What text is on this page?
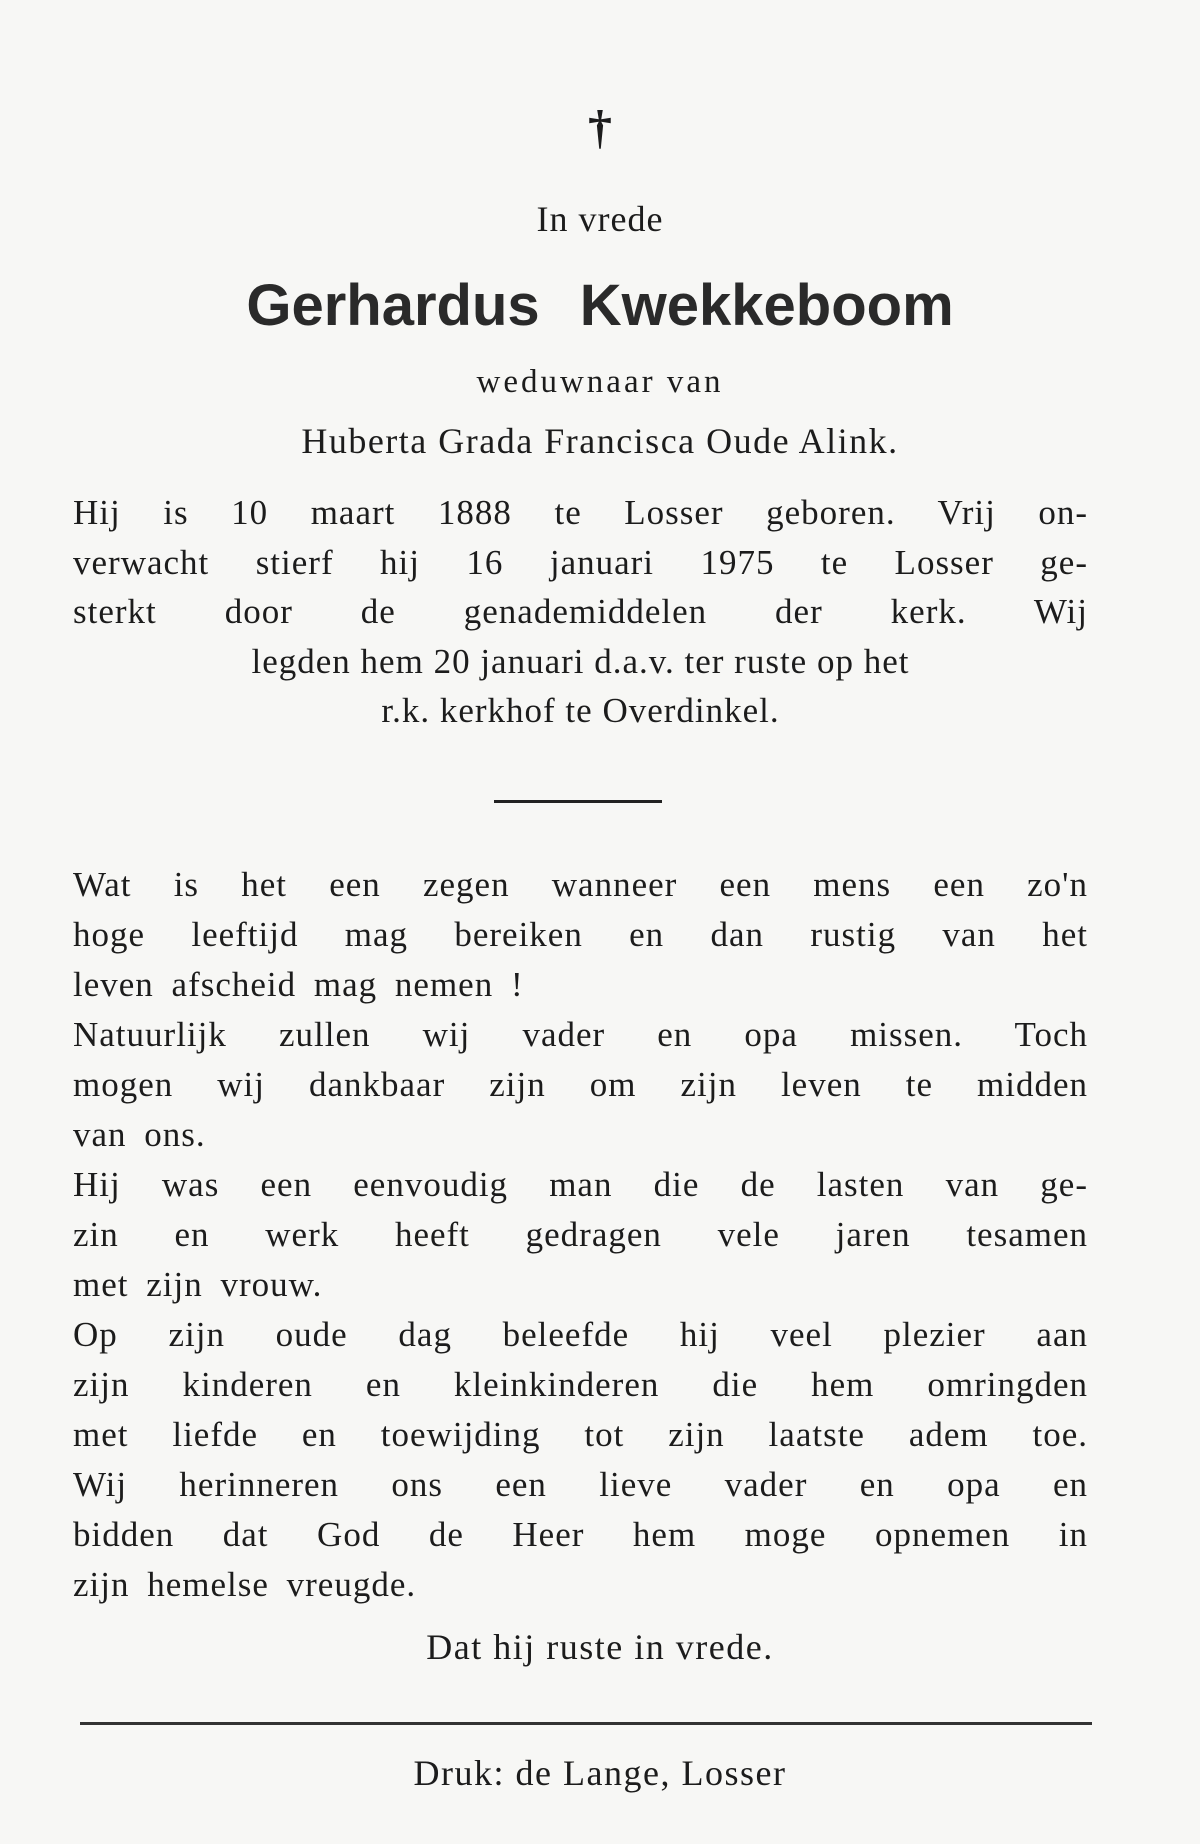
†
In vrede
Gerhardus Kwekkeboom
weduwnaar van
Huberta Grada Francisca Oude Alink.
Hij is 10 maart 1888 te Losser geboren. Vrij on-
verwacht stierf hij 16 januari 1975 te Losser ge-
sterkt door de genademiddelen der kerk. Wij
legden hem 20 januari d.a.v. ter ruste op het
r.k. kerkhof te Overdinkel.
Wat is het een zegen wanneer een mens een zo'n
hoge leeftijd mag bereiken en dan rustig van het
leven afscheid mag nemen !
Natuurlijk zullen wij vader en opa missen. Toch
mogen wij dankbaar zijn om zijn leven te midden
van ons.
Hij was een eenvoudig man die de lasten van ge-
zin en werk heeft gedragen vele jaren tesamen
met zijn vrouw.
Op zijn oude dag beleefde hij veel plezier aan
zijn kinderen en kleinkinderen die hem omringden
met liefde en toewijding tot zijn laatste adem toe.
Wij herinneren ons een lieve vader en opa en
bidden dat God de Heer hem moge opnemen in
zijn hemelse vreugde.
Dat hij ruste in vrede.
Druk: de Lange, Losser
